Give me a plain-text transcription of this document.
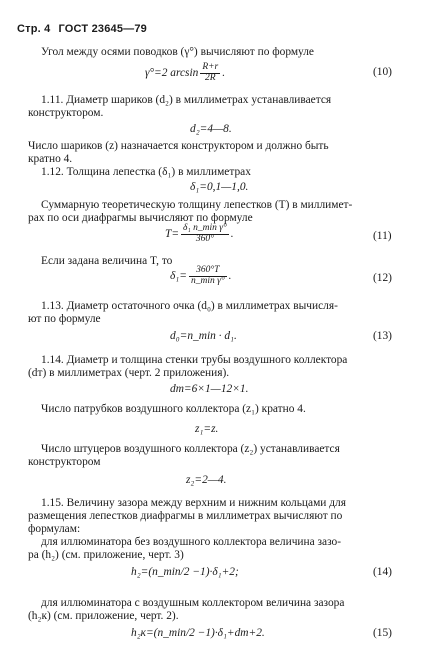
Стр. 4 ГОСТ 23645—79
Угол между осями поводков (γ°) вычисляют по формуле
γ°=2 $\arcsin \frac{R+r}{2R}$ .	(10)
1.11. Диаметр шариков (d₂) в миллиметрах устанавливается
конструктором.
d₂=4—8.
Число шариков (z) назначается конструктором и должно быть
кратно 4.
1.12. Толщина лепестка (δ₁) в миллиметрах
δ₁=0,1—1,0.
Суммарную теоретическую толщину лепестков (T) в миллимет-
рах по оси диафрагмы вычисляют по формуле
$T= \frac{\text{δ₁ n\_min γ°}}{360^\circ}$ .	(11)
Если задана величина T, то
$\delta_1= \frac{360^\circ T}{\text{n\_min γ°}}$ .	(12)
1.13. Диаметр остаточного очка (d₀) в миллиметрах вычисля-
ют по формуле
d₀=n_min · d₁.	(13)
1.14. Диаметр и толщина стенки трубы воздушного коллектора
(dт) в миллиметрах (черт. 2 приложения).
dт=6×1—12×1.
Число патрубков воздушного коллектора (z₁) кратно 4.
z₁=z.
Число штуцеров воздушного коллектора (z₂) устанавливается
конструктором
z₂=2—4.
1.15. Величину зазора между верхним и нижним кольцами для
размещения лепестков диафрагмы в миллиметрах вычисляют по
формулам:
для иллюминатора без воздушного коллектора величина зазо-
ра (h₂) (см. приложение, черт. 3)
h₂=(n_min/2 −1)·δ₁+2;	(14)
для иллюминатора с воздушным коллектором величина зазора
(h₂к) (см. приложение, черт. 2).
h₂к=(n_min/2 −1)·δ₁+dт+2.	(15)
